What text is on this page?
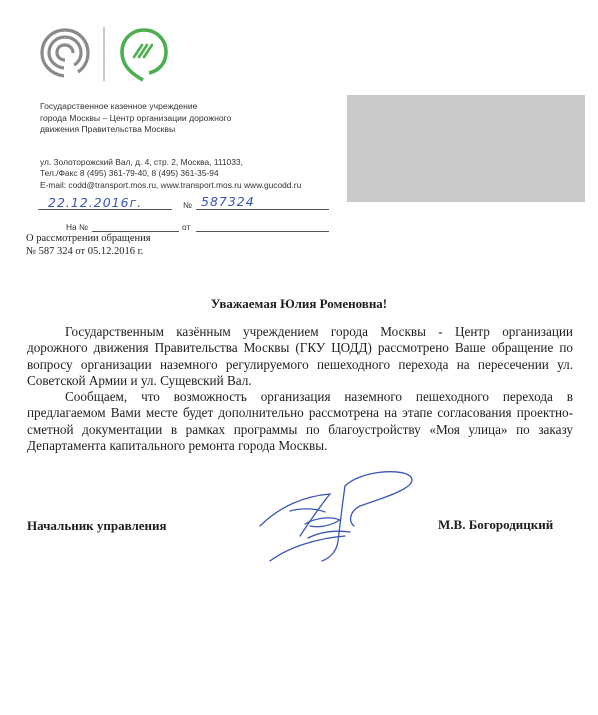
Государственное казенное учреждение
города Москвы – Центр организации дорожного
движения Правительства Москвы
ул. Золоторожский Вал, д. 4, стр. 2, Москва, 111033,
Тел./Факс 8 (495) 361-79-40, 8 (495) 361-35-94
E-mail: codd@transport.mos.ru, www.transport.mos.ru www.gucodd.ru
22.12.2016г.	№ 587324
На №	от
О рассмотрении обращения
№ 587 324 от 05.12.2016 г.
Уважаемая Юлия Ромeновна!

Государственным казённым учреждением города Москвы - Центр организации дорожного движения Правительства Москвы (ГКУ ЦОДД) рассмотрено Ваше обращение по вопросу организации наземного регулируемого пешеходного перехода на пересечении ул. Советской Армии и ул. Сущевский Вал.

Сообщаем, что возможность организация наземного пешеходного перехода в предлагаемом Вами месте будет дополнительно рассмотрена на этапе согласования проектно-сметной документации в рамках программы по благоустройству «Моя улица» по заказу Департамента капитального ремонта города Москвы.

Начальник управления	М.В. Богородицкий
